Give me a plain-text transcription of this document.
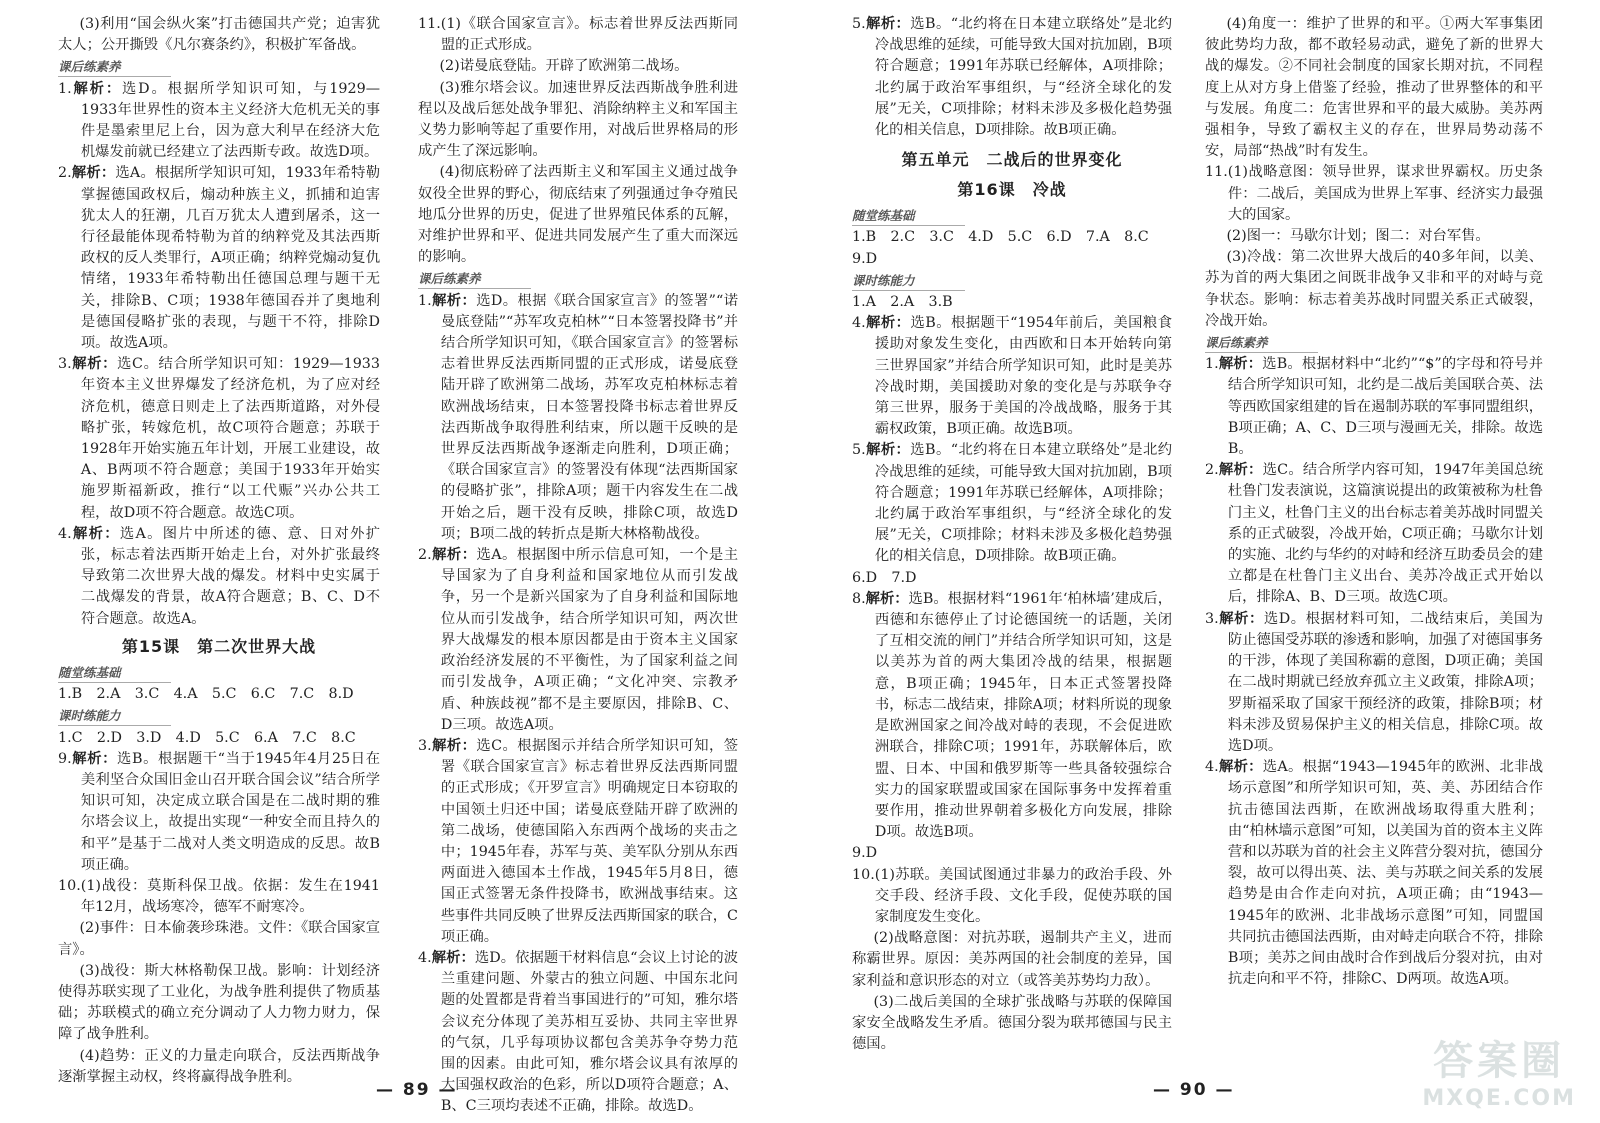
(3)利用“国会纵火案”打击德国共产党；迫害犹太人；公开撕毁《凡尔赛条约》，积极扩军备战。

课后练素养

1.解析：选D。根据所学知识可知，与1929—1933年世界性的资本主义经济大危机无关的事件是墨索里尼上台，因为意大利早在经济大危机爆发前就已经建立了法西斯专政。故选D项。

2.解析：选A。根据所学知识可知，1933年希特勒掌握德国政权后，煽动种族主义，抓捕和迫害犹太人的狂潮，几百万犹太人遭到屠杀，这一行径最能体现希特勒为首的纳粹党及其法西斯政权的反人类罪行，A项正确；纳粹党煽动复仇情绪，1933年希特勒出任德国总理与题干无关，排除B、C项；1938年德国吞并了奥地利是德国侵略扩张的表现，与题干不符，排除D项。故选A项。

3.解析：选C。结合所学知识可知：1929—1933年资本主义世界爆发了经济危机，为了应对经济危机，德意日则走上了法西斯道路，对外侵略扩张，转嫁危机，故C项符合题意；苏联于1928年开始实施五年计划，开展工业建设，故A、B两项不符合题意；美国于1933年开始实施罗斯福新政，推行“以工代赈”兴办公共工程，故D项不符合题意。故选C项。

4.解析：选A。图片中所述的德、意、日对外扩张，标志着法西斯开始走上台，对外扩张最终导致第二次世界大战的爆发。材料中史实属于二战爆发的背景，故A符合题意；B、C、D不符合题意。故选A。

第15课　第二次世界大战
随堂练基础

1.B　2.A　3.C　4.A　5.C　6.C　7.C　8.D

课时练能力

1.C　2.D　3.D　4.D　5.C　6.A　7.C　8.C

9.解析：选B。根据题干“当于1945年4月25日在美利坚合众国旧金山召开联合国会议”结合所学知识可知，决定成立联合国是在二战时期的雅尔塔会议上，故提出实现“一种安全而且持久的和平”是基于二战对人类文明造成的反思。故B项正确。

10.(1)战役：莫斯科保卫战。依据：发生在1941年12月，战场寒冷，德军不耐寒冷。

(2)事件：日本偷袭珍珠港。文件：《联合国家宣言》。

(3)战役：斯大林格勒保卫战。影响：计划经济使得苏联实现了工业化，为战争胜利提供了物质基础；苏联模式的确立充分调动了人力物力财力，保障了战争胜利。

(4)趋势：正义的力量走向联合，反法西斯战争逐渐掌握主动权，终将赢得战争胜利。

11.(1)《联合国家宣言》。标志着世界反法西斯同盟的正式形成。

(2)诺曼底登陆。开辟了欧洲第二战场。

(3)雅尔塔会议。加速世界反法西斯战争胜利进程以及战后惩处战争罪犯、消除纳粹主义和军国主义势力影响等起了重要作用，对战后世界格局的形成产生了深远影响。

(4)彻底粉碎了法西斯主义和军国主义通过战争奴役全世界的野心，彻底结束了列强通过争夺殖民地瓜分世界的历史，促进了世界殖民体系的瓦解，对维护世界和平、促进共同发展产生了重大而深远的影响。

课后练素养

1.解析：选D。根据《联合国家宣言》的签署”“诺曼底登陆”“苏军攻克柏林”“日本签署投降书”并结合所学知识可知，《联合国家宣言》的签署标志着世界反法西斯同盟的正式形成，诺曼底登陆开辟了欧洲第二战场，苏军攻克柏林标志着欧洲战场结束，日本签署投降书标志着世界反法西斯战争取得胜利结束，所以题干反映的是世界反法西斯战争逐渐走向胜利，D项正确；《联合国家宣言》的签署没有体现“法西斯国家的侵略扩张”，排除A项；题干内容发生在二战开始之后，题干没有反映，排除C项，故选D项；B项二战的转折点是斯大林格勒战役。

2.解析：选A。根据图中所示信息可知，一个是主导国家为了自身利益和国家地位从而引发战争，另一个是新兴国家为了自身利益和国际地位从而引发战争，结合所学知识可知，两次世界大战爆发的根本原因都是由于资本主义国家政治经济发展的不平衡性，为了国家利益之间而引发战争，A项正确；“文化冲突、宗教矛盾、种族歧视”都不是主要原因，排除B、C、D三项。故选A项。

3.解析：选C。根据图示并结合所学知识可知，签署《联合国家宣言》标志着世界反法西斯同盟的正式形成；《开罗宣言》明确规定日本窃取的中国领土归还中国；诺曼底登陆开辟了欧洲的第二战场，使德国陷入东西两个战场的夹击之中；1945年春，苏军与英、美军队分别从东西两面进入德国本土作战，1945年5月8日，德国正式签署无条件投降书，欧洲战事结束。这些事件共同反映了世界反法西斯国家的联合，C项正确。

4.解析：选D。依据题干材料信息“会议上讨论的波兰重建问题、外蒙古的独立问题、中国东北问题的处置都是背着当事国进行的”可知，雅尔塔会议充分体现了美苏相互妥协、共同主宰世界的气氛，几乎每项协议都包含美苏争夺势力范围的因素。由此可知，雅尔塔会议具有浓厚的大国强权政治的色彩，所以D项符合题意；A、B、C三项均表述不正确，排除。故选D。

5.解析：选B。“北约将在日本建立联络处”是北约冷战思维的延续，可能导致大国对抗加剧，B项符合题意；1991年苏联已经解体，A项排除；北约属于政治军事组织，与“经济全球化的发展”无关，C项排除；材料未涉及多极化趋势强化的相关信息，D项排除。故B项正确。

第五单元　二战后的世界变化
第16课　冷战
随堂练基础

1.B　2.C　3.C　4.D　5.C　6.D　7.A　8.C

9.D

课时练能力

1.A　2.A　3.B

4.解析：选B。根据题干“1954年前后，美国粮食援助对象发生变化，由西欧和日本开始转向第三世界国家”并结合所学知识可知，此时是美苏冷战时期，美国援助对象的变化是与苏联争夺第三世界，服务于美国的冷战战略，服务于其霸权政策，B项正确。故选B项。

5.解析：选B。“北约将在日本建立联络处”是北约冷战思维的延续，可能导致大国对抗加剧，B项符合题意；1991年苏联已经解体，A项排除；北约属于政治军事组织，与“经济全球化的发展”无关，C项排除；材料未涉及多极化趋势强化的相关信息，D项排除。故B项正确。

6.D　7.D

8.解析：选B。根据材料“1961年‘柏林墙’建成后，西德和东德停止了讨论德国统一的话题，关闭了互相交流的闸门”并结合所学知识可知，这是以美苏为首的两大集团冷战的结果，根据题意，B项正确；1945年，日本正式签署投降书，标志二战结束，排除A项；材料所说的现象是欧洲国家之间冷战对峙的表现，不会促进欧洲联合，排除C项；1991年，苏联解体后，欧盟、日本、中国和俄罗斯等一些具备较强综合实力的国家联盟或国家在国际事务中发挥着重要作用，推动世界朝着多极化方向发展，排除D项。故选B项。

9.D

10.(1)苏联。美国试图通过非暴力的政治手段、外交手段、经济手段、文化手段，促使苏联的国家制度发生变化。

(2)战略意图：对抗苏联，遏制共产主义，进而称霸世界。原因：美苏两国的社会制度的差异，国家利益和意识形态的对立（或答美苏势均力敌）。

(3)二战后美国的全球扩张战略与苏联的保障国家安全战略发生矛盾。德国分裂为联邦德国与民主德国。

(4)角度一：维护了世界的和平。①两大军事集团彼此势均力敌，都不敢轻易动武，避免了新的世界大战的爆发。②不同社会制度的国家长期对抗，不同程度上从对方身上借鉴了经验，推动了世界整体的和平与发展。角度二：危害世界和平的最大威胁。美苏两强相争，导致了霸权主义的存在，世界局势动荡不安，局部“热战”时有发生。

11.(1)战略意图：领导世界，谋求世界霸权。历史条件：二战后，美国成为世界上军事、经济实力最强大的国家。

(2)图一：马歇尔计划；图二：对台军售。

(3)冷战：第二次世界大战后的40多年间，以美、苏为首的两大集团之间既非战争又非和平的对峙与竞争状态。影响：标志着美苏战时同盟关系正式破裂，冷战开始。

课后练素养

1.解析：选B。根据材料中“北约”“$”的字母和符号并结合所学知识可知，北约是二战后美国联合英、法等西欧国家组建的旨在遏制苏联的军事同盟组织，B项正确；A、C、D三项与漫画无关，排除。故选B。

2.解析：选C。结合所学内容可知，1947年美国总统杜鲁门发表演说，这篇演说提出的政策被称为杜鲁门主义，杜鲁门主义的出台标志着美苏战时同盟关系的正式破裂，冷战开始，C项正确；马歇尔计划的实施、北约与华约的对峙和经济互助委员会的建立都是在杜鲁门主义出台、美苏冷战正式开始以后，排除A、B、D三项。故选C项。

3.解析：选D。根据材料可知，二战结束后，美国为防止德国受苏联的渗透和影响，加强了对德国事务的干涉，体现了美国称霸的意图，D项正确；美国在二战时期就已经放弃孤立主义政策，排除A项；罗斯福采取了国家干预经济的政策，排除B项；材料未涉及贸易保护主义的相关信息，排除C项。故选D项。

4.解析：选A。根据“1943—1945年的欧洲、北非战场示意图”和所学知识可知，英、美、苏团结合作抗击德国法西斯，在欧洲战场取得重大胜利；由“柏林墙示意图”可知，以美国为首的资本主义阵营和以苏联为首的社会主义阵营分裂对抗，德国分裂，故可以得出英、法、美与苏联之间关系的发展趋势是由合作走向对抗，A项正确；由“1943—1945年的欧洲、北非战场示意图”可知，同盟国共同抗击德国法西斯，由对峙走向联合不符，排除B项；美苏之间由战时合作到战后分裂对抗，由对抗走向和平不符，排除C、D两项。故选A项。

— 89 —	— 90 —
答案圈
MXQE.COM
